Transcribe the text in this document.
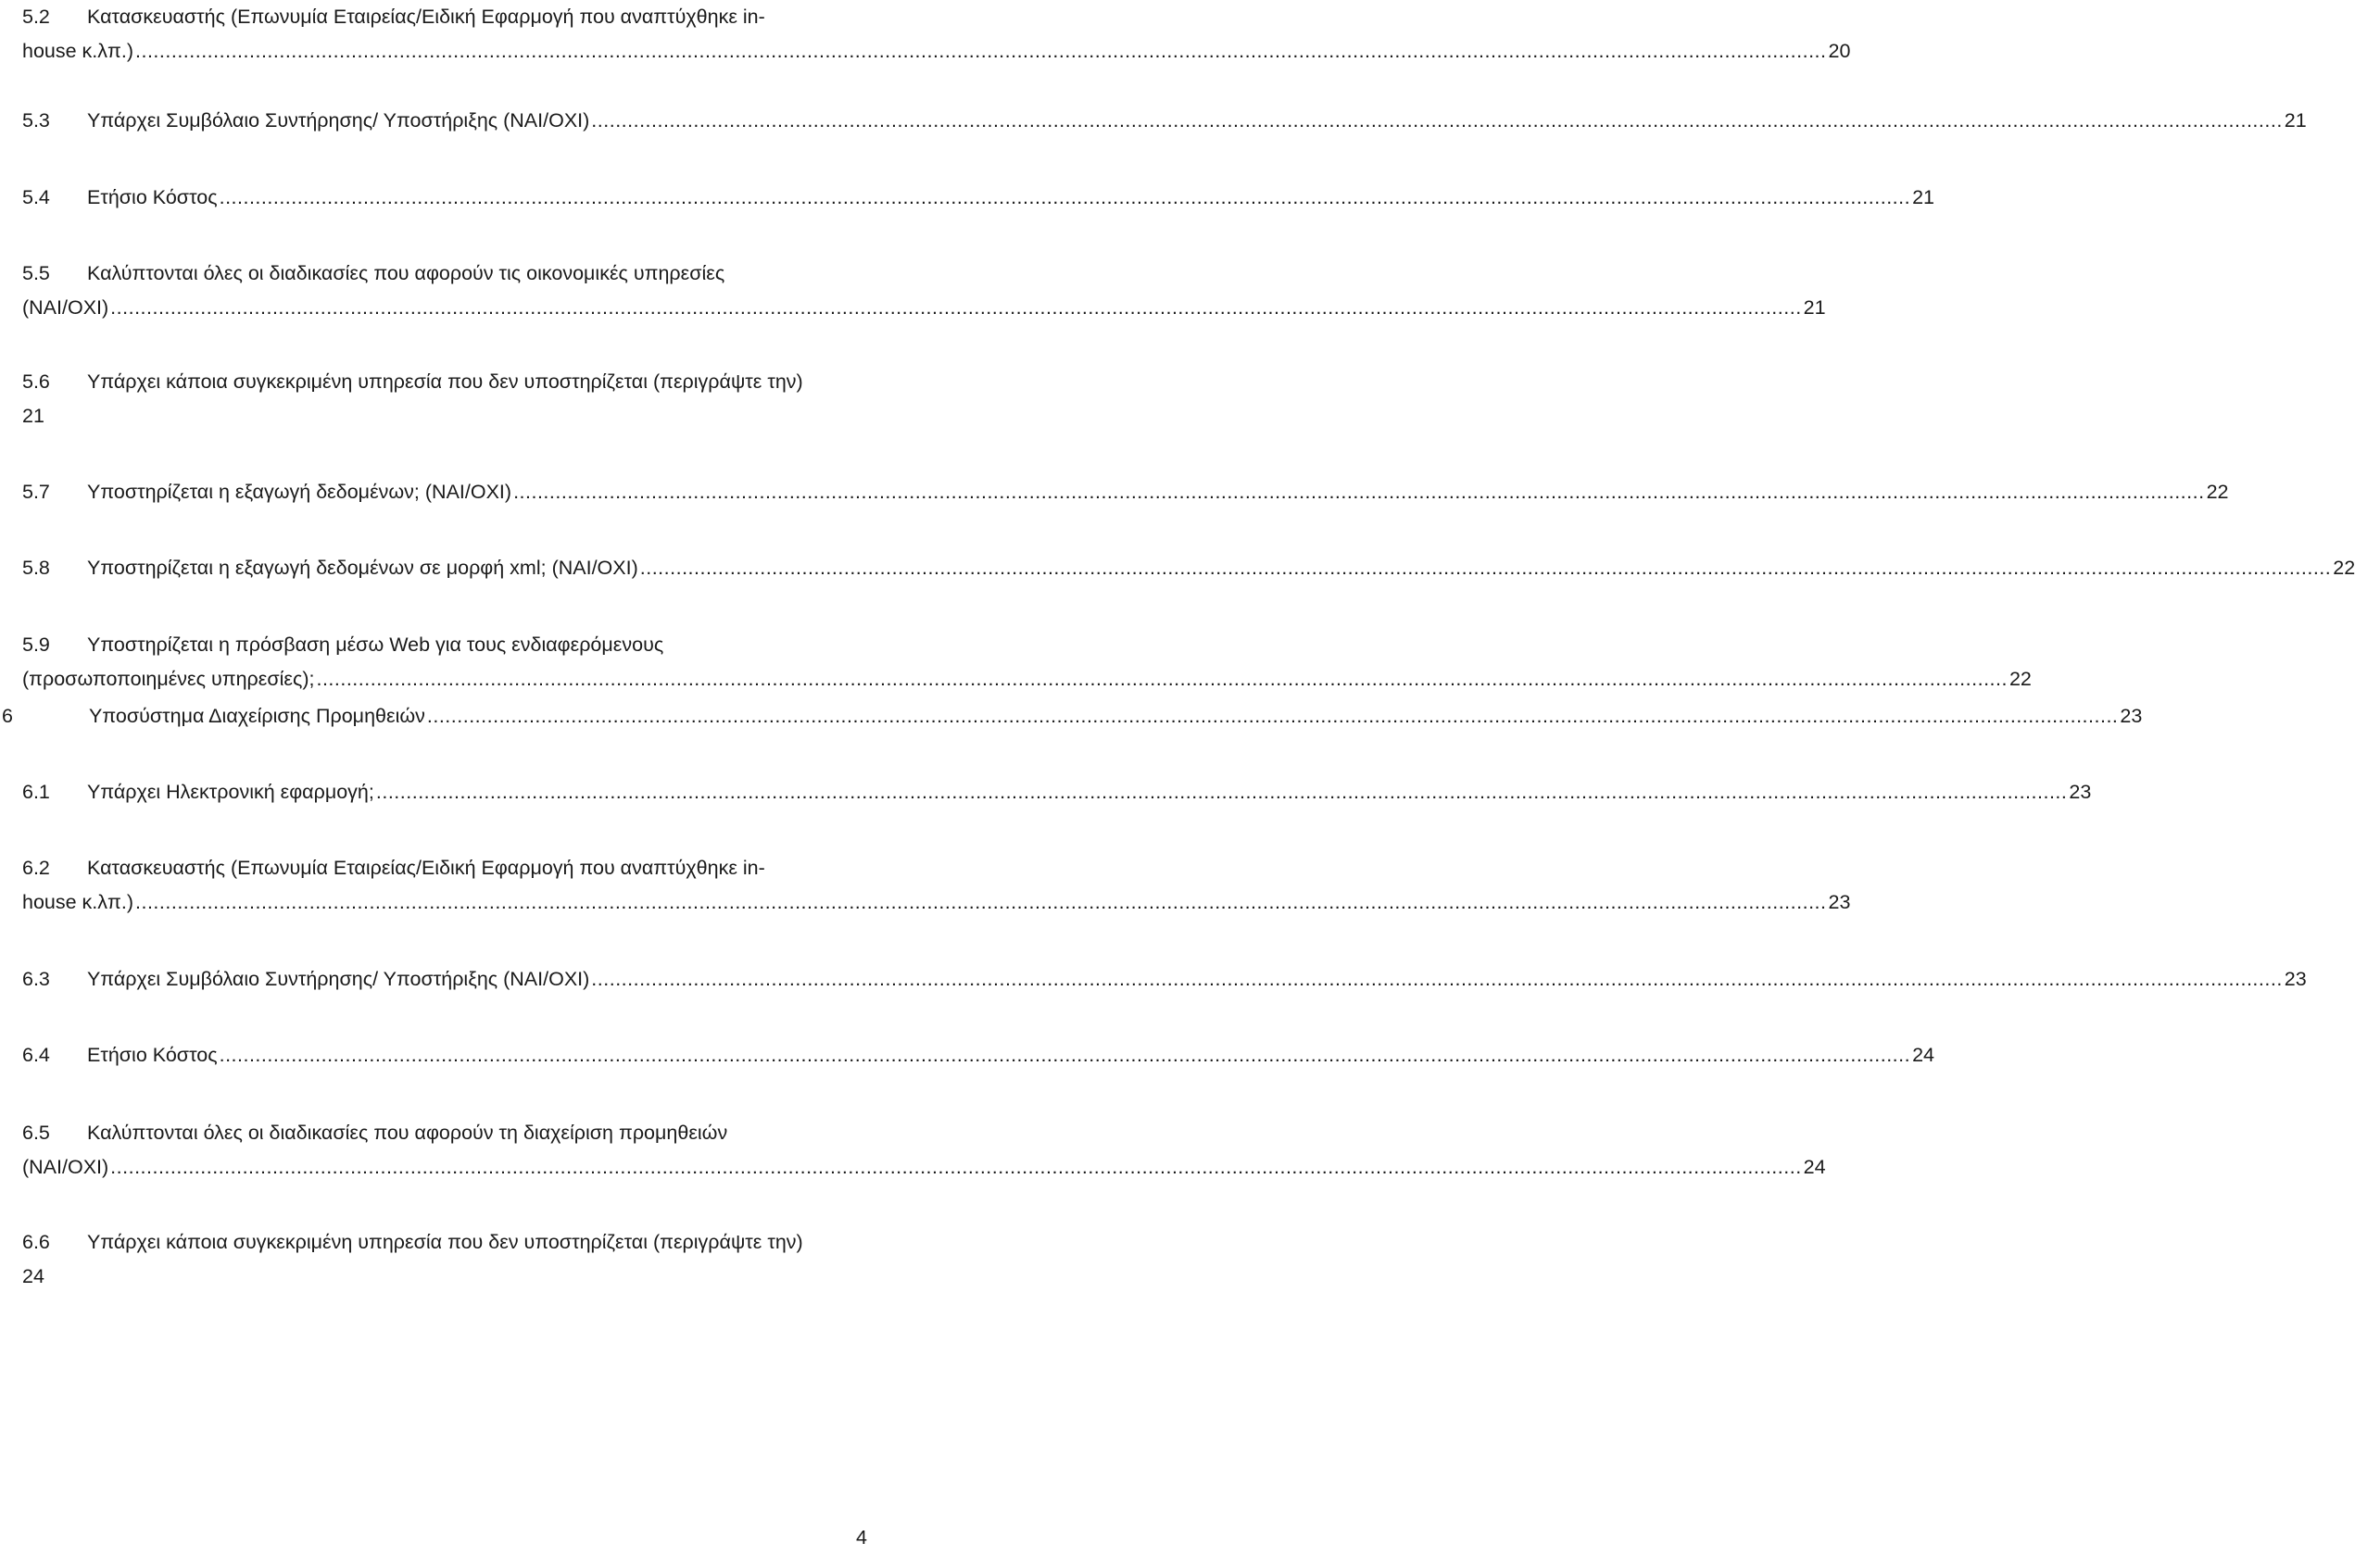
5.2	Κατασκευαστής (Επωνυμία Εταιρείας/Ειδική Εφαρμογή που αναπτύχθηκε in-
house κ.λπ.) .....	20
5.3	Υπάρχει Συμβόλαιο Συντήρησης/ Υποστήριξης (ΝΑΙ/ΟΧΙ) .....	21
5.4	Ετήσιο Κόστος .....	21
5.5	Καλύπτονται όλες οι διαδικασίες που αφορούν τις οικονομικές υπηρεσίες
(ΝΑΙ/ΟΧΙ) .....	21
5.6	Υπάρχει κάποια συγκεκριμένη υπηρεσία που δεν υποστηρίζεται (περιγράψτε την)
21
5.7	Υποστηρίζεται η εξαγωγή δεδομένων; (ΝΑΙ/ΟΧΙ) .....	22
5.8	Υποστηρίζεται η εξαγωγή δεδομένων σε μορφή xml; (ΝΑΙ/ΟΧΙ) .....	22
5.9	Υποστηρίζεται η πρόσβαση μέσω Web για τους ενδιαφερόμενους
(προσωποποιημένες υπηρεσίες); .....	22
6	Υποσύστημα Διαχείρισης Προμηθειών .....	23
6.1	Υπάρχει Ηλεκτρονική εφαρμογή; .....	23
6.2	Κατασκευαστής (Επωνυμία Εταιρείας/Ειδική Εφαρμογή που αναπτύχθηκε in-
house κ.λπ.) .....	23
6.3	Υπάρχει Συμβόλαιο Συντήρησης/ Υποστήριξης (ΝΑΙ/ΟΧΙ) .....	23
6.4	Ετήσιο Κόστος .....	24
6.5	Καλύπτονται όλες οι διαδικασίες που αφορούν τη διαχείριση προμηθειών
(ΝΑΙ/ΟΧΙ) .....	24
6.6	Υπάρχει κάποια συγκεκριμένη υπηρεσία που δεν υποστηρίζεται (περιγράψτε την)
24
4
